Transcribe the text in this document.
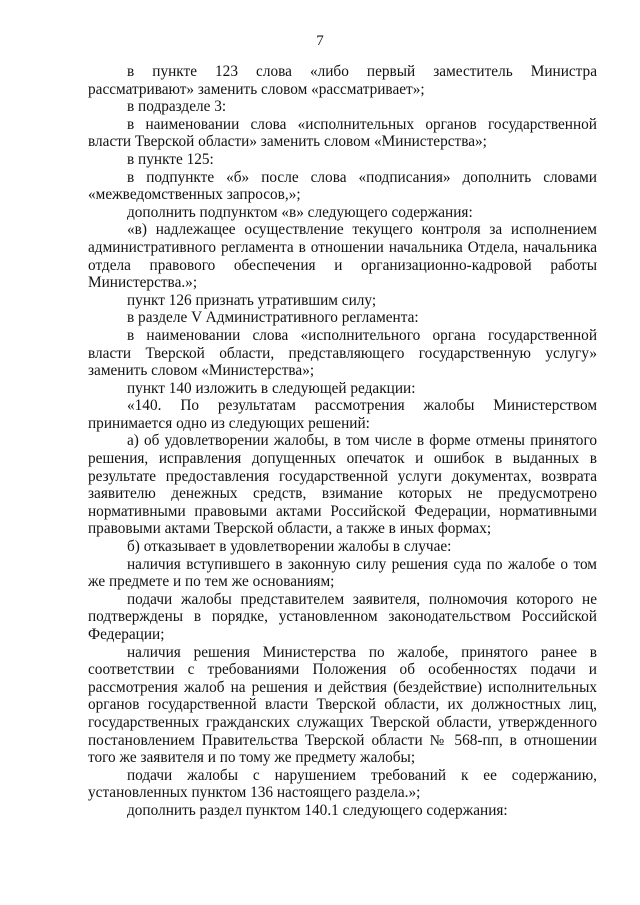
7

в пункте 123 слова «либо первый заместитель Министра рассматривают» заменить словом «рассматривает»;

в подразделе 3:

в наименовании слова «исполнительных органов государственной власти Тверской области» заменить словом «Министерства»;

в пункте 125:

в подпункте «б» после слова «подписания» дополнить словами «межведомственных запросов,»;

дополнить подпунктом «в» следующего содержания:

«в) надлежащее осуществление текущего контроля за исполнением административного регламента в отношении начальника Отдела, начальника отдела правового обеспечения и организационно-кадровой работы Министерства.»;

пункт 126 признать утратившим силу;

в разделе V Административного регламента:

в наименовании слова «исполнительного органа государственной власти Тверской области, представляющего государственную услугу» заменить словом «Министерства»;

пункт 140 изложить в следующей редакции:

«140. По результатам рассмотрения жалобы Министерством принимается одно из следующих решений:

а) об удовлетворении жалобы, в том числе в форме отмены принятого решения, исправления допущенных опечаток и ошибок в выданных в результате предоставления государственной услуги документах, возврата заявителю денежных средств, взимание которых не предусмотрено нормативными правовыми актами Российской Федерации, нормативными правовыми актами Тверской области, а также в иных формах;

б) отказывает в удовлетворении жалобы в случае:

наличия вступившего в законную силу решения суда по жалобе о том же предмете и по тем же основаниям;

подачи жалобы представителем заявителя, полномочия которого не подтверждены в порядке, установленном законодательством Российской Федерации;

наличия решения Министерства по жалобе, принятого ранее в соответствии с требованиями Положения об особенностях подачи и рассмотрения жалоб на решения и действия (бездействие) исполнительных органов государственной власти Тверской области, их должностных лиц, государственных гражданских служащих Тверской области, утвержденного постановлением Правительства Тверской области № 568-пп, в отношении того же заявителя и по тому же предмету жалобы;

подачи жалобы с нарушением требований к ее содержанию, установленных пунктом 136 настоящего раздела.»;

дополнить раздел пунктом 140.1 следующего содержания:
